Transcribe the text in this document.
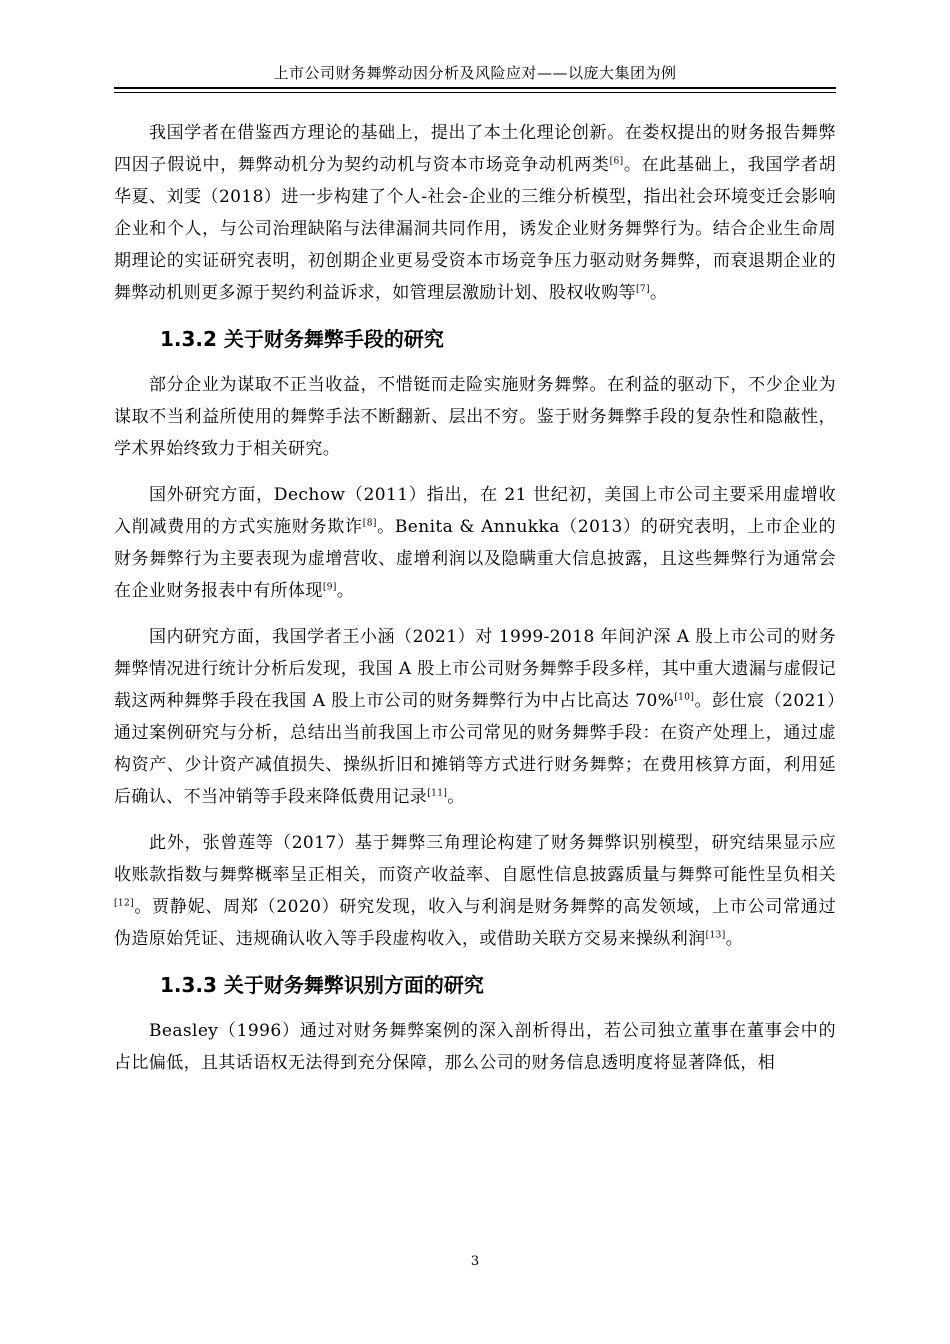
上市公司财务舞弊动因分析及风险应对——以庞大集团为例

我国学者在借鉴西方理论的基础上，提出了本土化理论创新。在娄权提出的财务报告舞弊四因子假说中，舞弊动机分为契约动机与资本市场竞争动机两类[6]。在此基础上，我国学者胡华夏、刘雯（2018）进一步构建了个人-社会-企业的三维分析模型，指出社会环境变迁会影响企业和个人，与公司治理缺陷与法律漏洞共同作用，诱发企业财务舞弊行为。结合企业生命周期理论的实证研究表明，初创期企业更易受资本市场竞争压力驱动财务舞弊，而衰退期企业的舞弊动机则更多源于契约利益诉求，如管理层激励计划、股权收购等[7]。

1.3.2 关于财务舞弊手段的研究

部分企业为谋取不正当收益，不惜铤而走险实施财务舞弊。在利益的驱动下，不少企业为谋取不当利益所使用的舞弊手法不断翻新、层出不穷。鉴于财务舞弊手段的复杂性和隐蔽性，学术界始终致力于相关研究。

国外研究方面，Dechow（2011）指出，在 21 世纪初，美国上市公司主要采用虚增收入削减费用的方式实施财务欺诈[8]。Benita & Annukka（2013）的研究表明，上市企业的财务舞弊行为主要表现为虚增营收、虚增利润以及隐瞒重大信息披露，且这些舞弊行为通常会在企业财务报表中有所体现[9]。

国内研究方面，我国学者王小涵（2021）对 1999-2018 年间沪深 A 股上市公司的财务舞弊情况进行统计分析后发现，我国 A 股上市公司财务舞弊手段多样，其中重大遗漏与虚假记载这两种舞弊手段在我国 A 股上市公司的财务舞弊行为中占比高达 70%[10]。彭仕宸（2021）通过案例研究与分析，总结出当前我国上市公司常见的财务舞弊手段：在资产处理上，通过虚构资产、少计资产减值损失、操纵折旧和摊销等方式进行财务舞弊；在费用核算方面，利用延后确认、不当冲销等手段来降低费用记录[11]。

此外，张曾莲等（2017）基于舞弊三角理论构建了财务舞弊识别模型，研究结果显示应收账款指数与舞弊概率呈正相关，而资产收益率、自愿性信息披露质量与舞弊可能性呈负相关[12]。贾静妮、周郑（2020）研究发现，收入与利润是财务舞弊的高发领域，上市公司常通过伪造原始凭证、违规确认收入等手段虚构收入，或借助关联方交易来操纵利润[13]。

1.3.3 关于财务舞弊识别方面的研究

Beasley（1996）通过对财务舞弊案例的深入剖析得出，若公司独立董事在董事会中的占比偏低，且其话语权无法得到充分保障，那么公司的财务信息透明度将显著降低，相

3
